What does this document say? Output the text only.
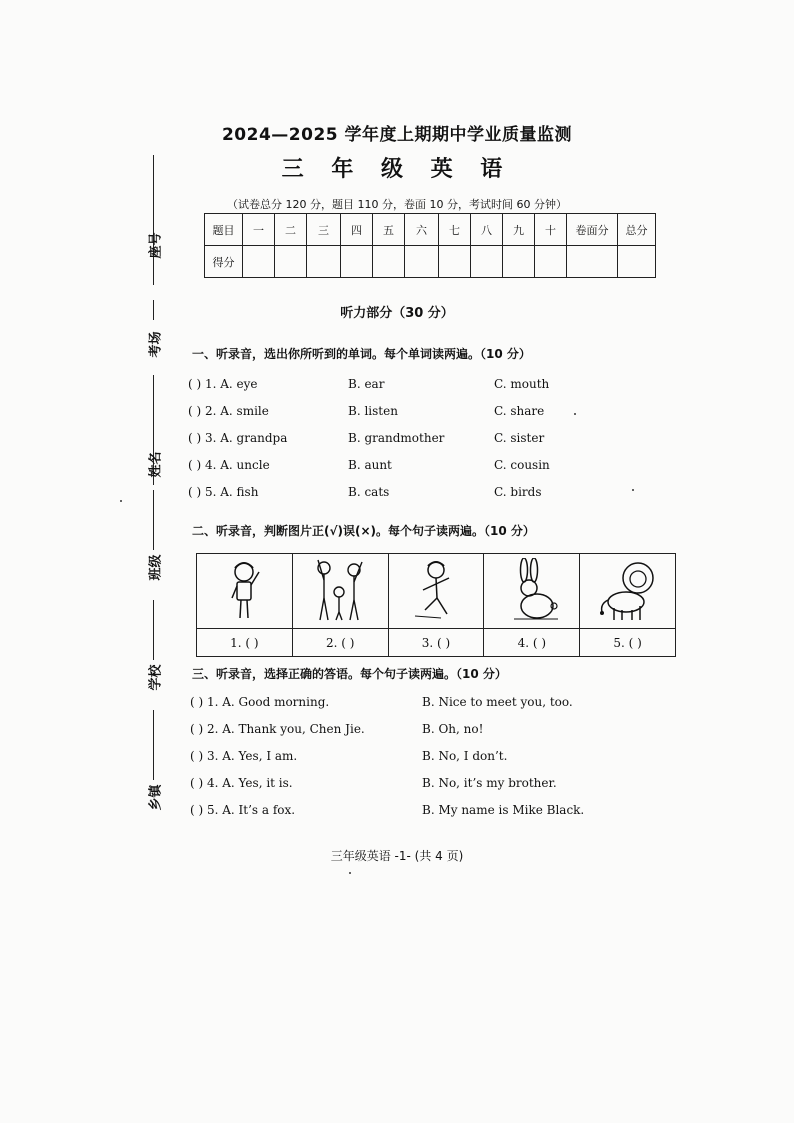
座号
考场
姓名
班级
学校
乡镇
2024—2025 学年度上期期中学业质量监测
三 年 级 英 语
（试卷总分 120 分，题目 110 分，卷面 10 分，考试时间 60 分钟）
题目	一	二	三	四	五	六	七	八	九	十	卷面分	总分
得分												
听力部分（30 分）
一、听录音，选出你所听到的单词。每个单词读两遍。（10 分）
( ) 1. A. eye	B. ear	C. mouth
( ) 2. A. smile	B. listen	C. share
( ) 3. A. grandpa	B. grandmother	C. sister
( ) 4. A. uncle	B. aunt	C. cousin
( ) 5. A. fish	B. cats	C. birds
二、听录音，判断图片正(√)误(×)。每个句子读两遍。（10 分）
1. ( )	2. ( )	3. ( )	4. ( )	5. ( )
三、听录音，选择正确的答语。每个句子读两遍。（10 分）
( ) 1. A. Good morning.	B. Nice to meet you, too.
( ) 2. A. Thank you, Chen Jie.	B. Oh, no!
( ) 3. A. Yes, I am.	B. No, I don’t.
( ) 4. A. Yes, it is.	B. No, it’s my brother.
( ) 5. A. It’s a fox.	B. My name is Mike Black.
三年级英语 -1- (共 4 页)
